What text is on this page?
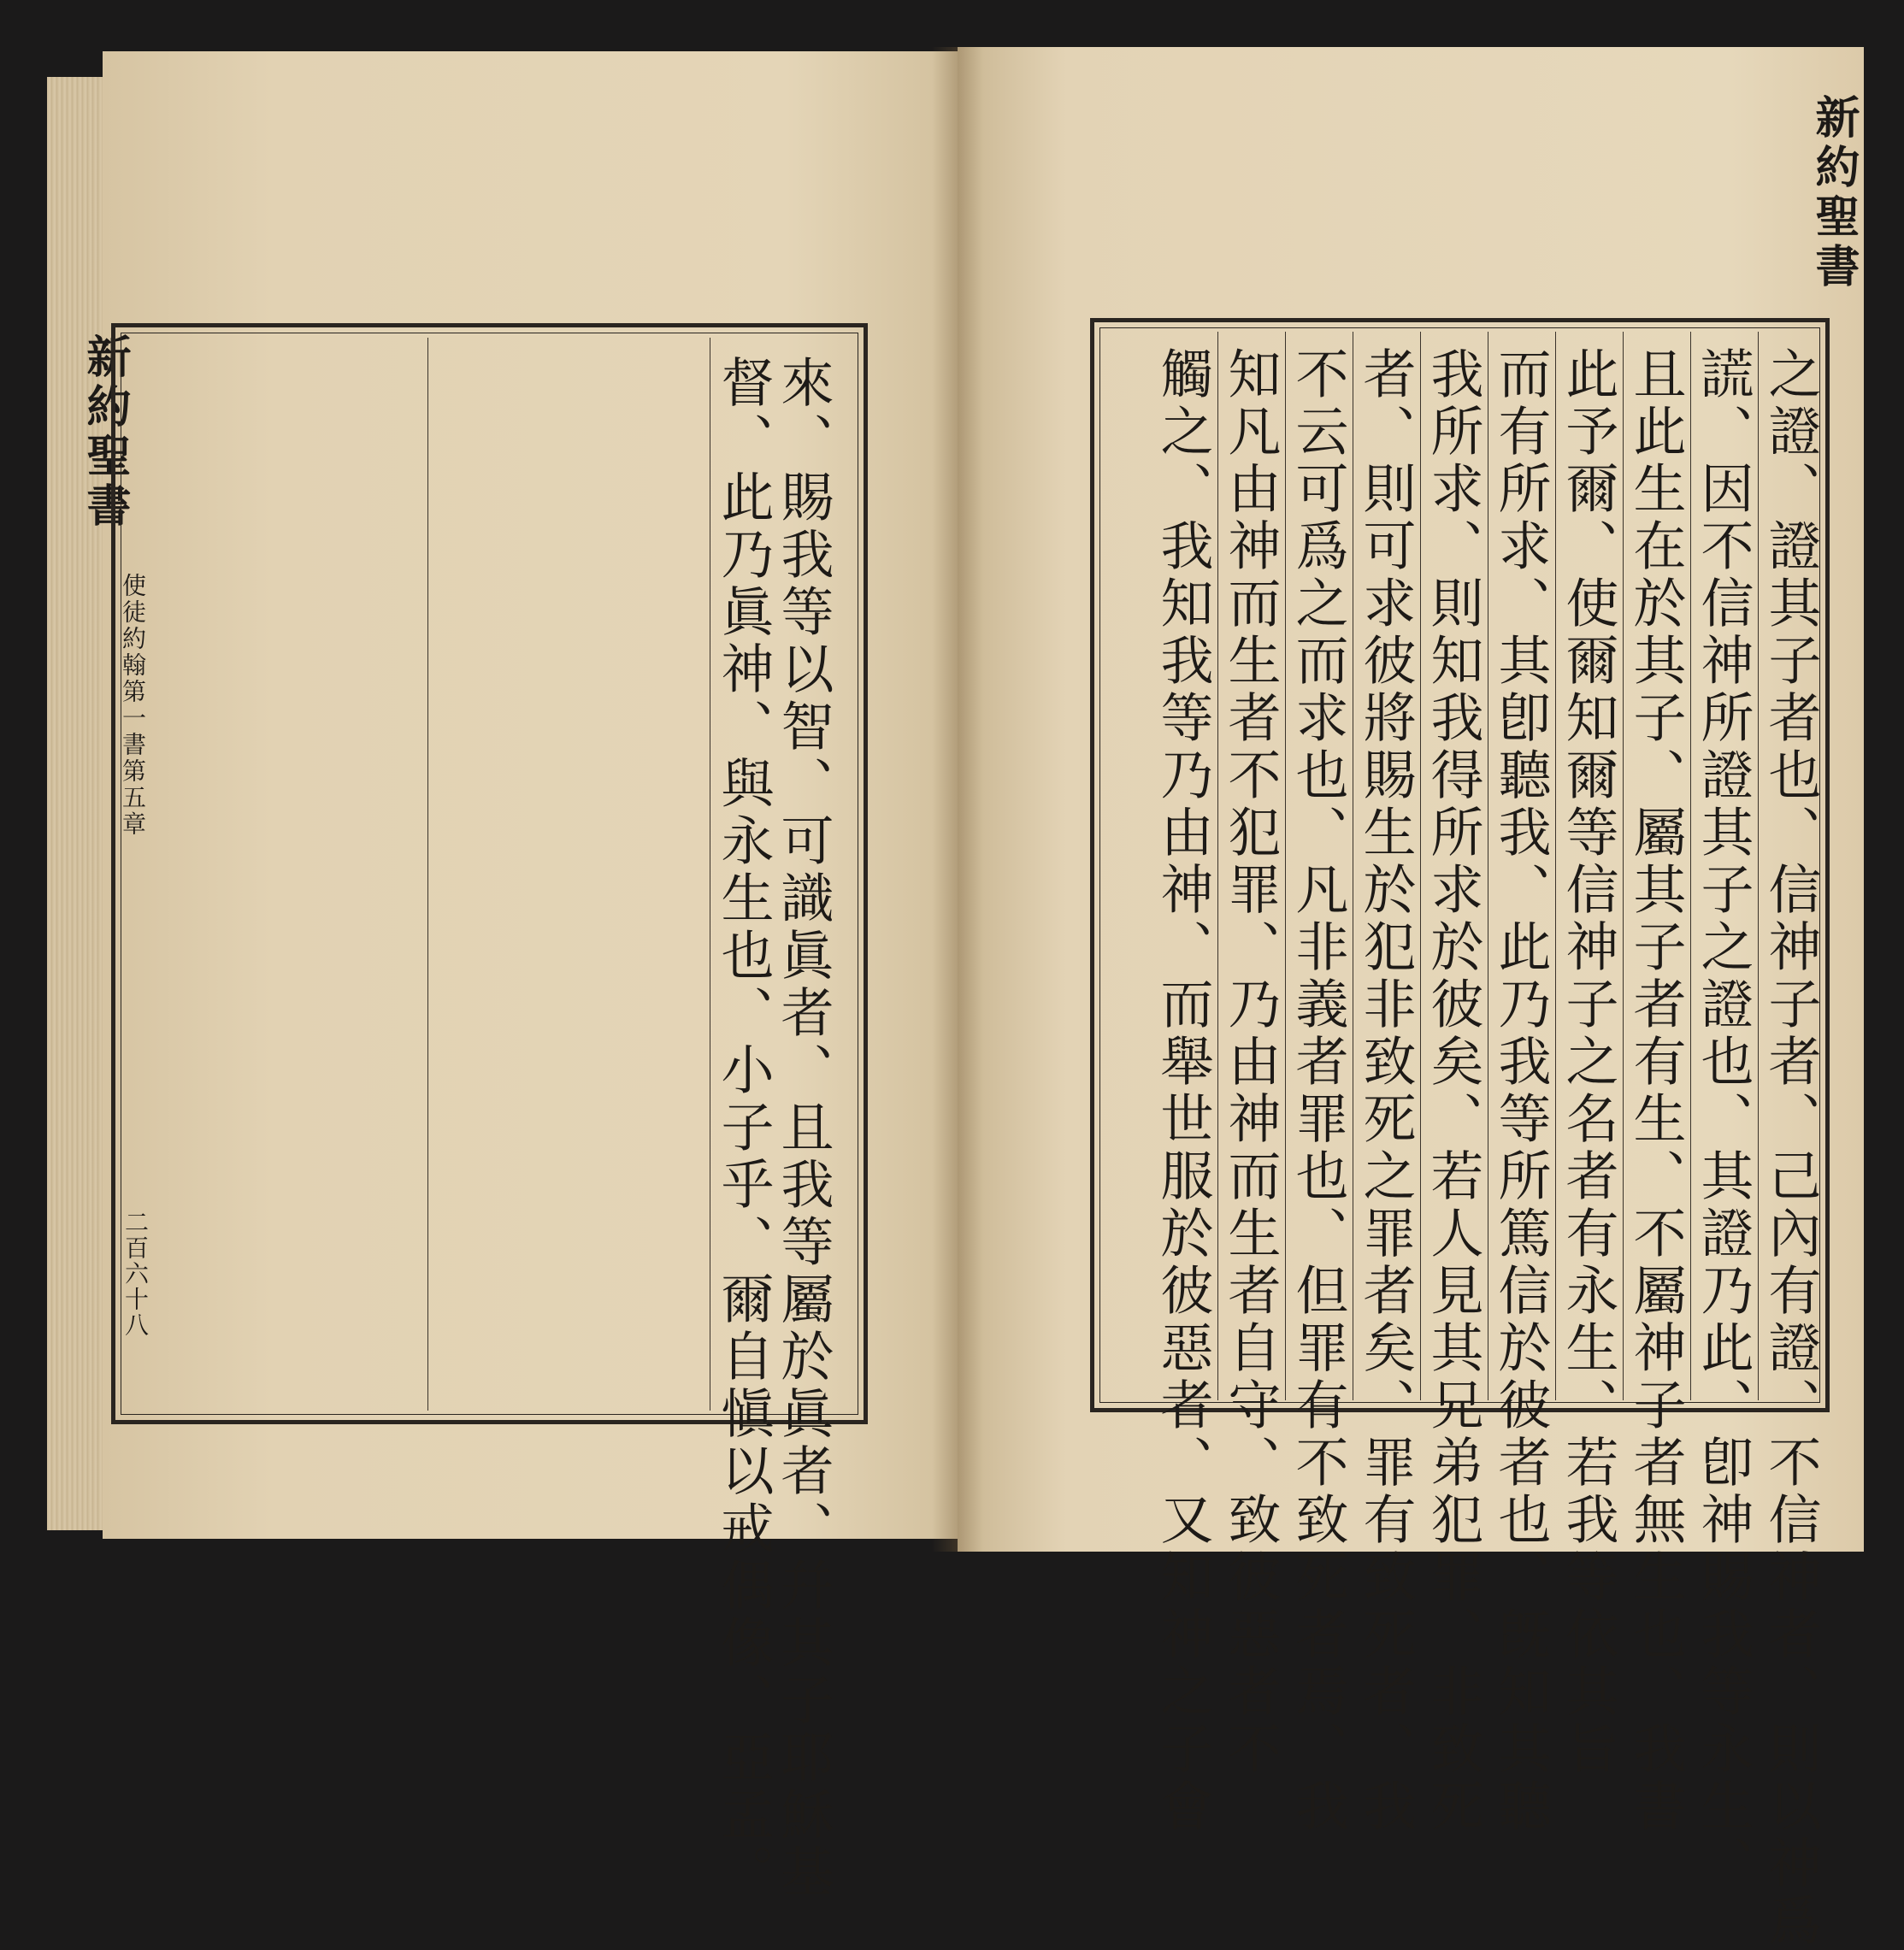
新約聖書
使徒約翰第一書第五章
二百六十八	來、賜我等以智、可識眞者、且我等屬於眞者、幷其子耶穌基

督、此乃眞神、與永生也、小子乎、爾自愼以戒偶像、亞孟。

新約聖書

之證、證其子者也、信神子者、己內有證、不信神者、則以神爲

謊、因不信神所證其子之證也、其證乃此、卽神賜我等永生、

且此生在於其子、屬其子者有生、不屬神子者無生也、我書

此予爾、使爾知爾等信神子之名者有永生、若我等依其旨

而有所求、其卽聽我、此乃我等所篤信於彼者也、旣知其聽

我所求、則知我得所求於彼矣、若人見其兄弟犯罪、非致死

者、則可求彼將賜生於犯非致死之罪者矣、罪有致死者、我

不云可爲之而求也、凡非義者罪也、但罪有不致死者焉、我

知凡由神而生者不犯罪、乃由神而生者自守、致彼惡者不

觸之、我知我等乃由神、而舉世服於彼惡者、又知神之子會
